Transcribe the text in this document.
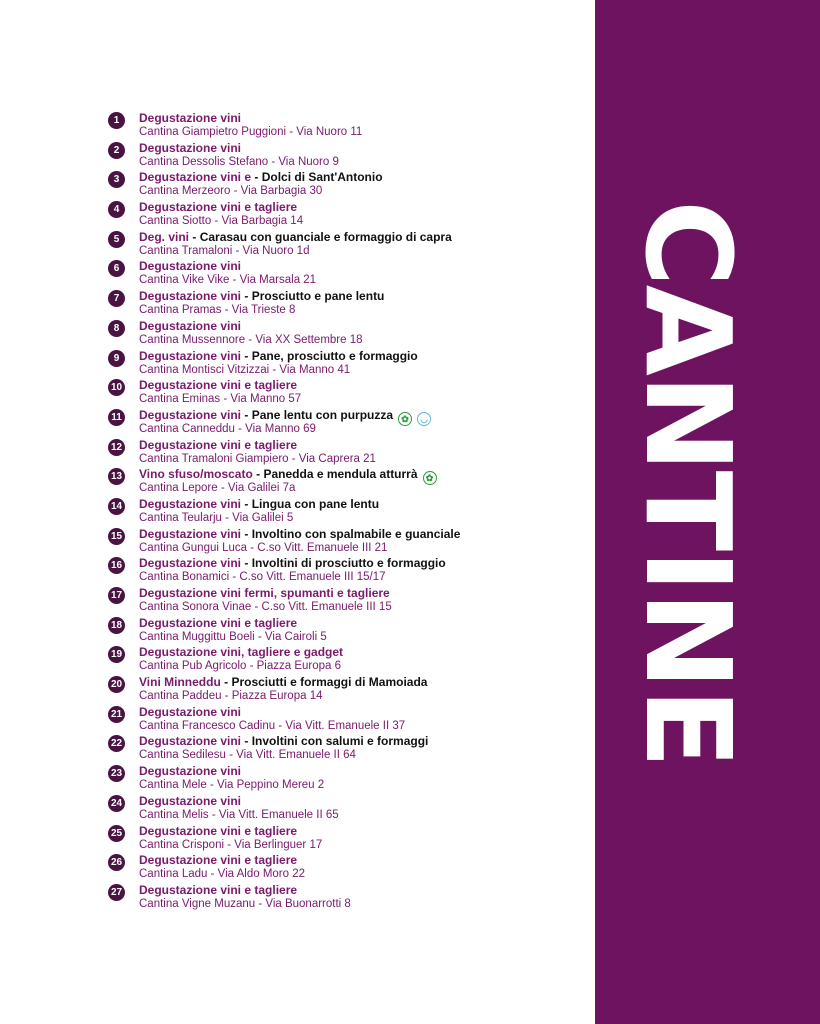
CANTINE
1	Degustazione vini
Cantina Giampietro Puggioni - Via Nuoro 11
2	Degustazione vini
Cantina Dessolis Stefano - Via Nuoro 9
3	Degustazione vini e - Dolci di Sant'Antonio
Cantina Merzeoro - Via Barbagia 30
4	Degustazione vini e tagliere
Cantina Siotto - Via Barbagia 14
5	Deg. vini - Carasau con guanciale e formaggio di capra
Cantina Tramaloni - Via Nuoro 1d
6	Degustazione vini
Cantina Vike Vike - Via Marsala 21
7	Degustazione vini - Prosciutto e pane lentu
Cantina Pramas - Via Trieste 8
8	Degustazione vini
Cantina Mussennore - Via XX Settembre 18
9	Degustazione vini - Pane, prosciutto e formaggio
Cantina Montisci Vitzizzai - Via Manno 41
10 Degustazione vini e tagliere
Cantina Eminas - Via Manno 57
11 Degustazione vini - Pane lentu con purpuzza ✿ ◡
Cantina Canneddu - Via Manno 69
12 Degustazione vini e tagliere
Cantina Tramaloni Giampiero - Via Caprera 21
13 Vino sfuso/moscato - Panedda e mendula atturrà ✿
Cantina Lepore - Via Galilei 7a
14 Degustazione vini - Lingua con pane lentu
Cantina Teularju - Via Galilei 5
15 Degustazione vini - Involtino con spalmabile e guanciale
Cantina Gungui Luca - C.so Vitt. Emanuele III 21
16 Degustazione vini - Involtini di prosciutto e formaggio
Cantina Bonamici - C.so Vitt. Emanuele III 15/17
17 Degustazione vini fermi, spumanti e tagliere
Cantina Sonora Vinae - C.so Vitt. Emanuele III 15
18 Degustazione vini e tagliere
Cantina Muggittu Boeli - Via Cairoli 5
19 Degustazione vini, tagliere e gadget
Cantina Pub Agricolo - Piazza Europa 6
20 Vini Minneddu - Prosciutti e formaggi di Mamoiada
Cantina Paddeu - Piazza Europa 14
21 Degustazione vini
Cantina Francesco Cadinu - Via Vitt. Emanuele II 37
22 Degustazione vini - Involtini con salumi e formaggi
Cantina Sedilesu - Via Vitt. Emanuele II 64
23 Degustazione vini
Cantina Mele - Via Peppino Mereu 2
24 Degustazione vini
Cantina Melis - Via Vitt. Emanuele II 65
25 Degustazione vini e tagliere
Cantina Crisponi - Via Berlinguer 17
26 Degustazione vini e tagliere
Cantina Ladu - Via Aldo Moro 22
27 Degustazione vini e tagliere
Cantina Vigne Muzanu - Via Buonarrotti 8
